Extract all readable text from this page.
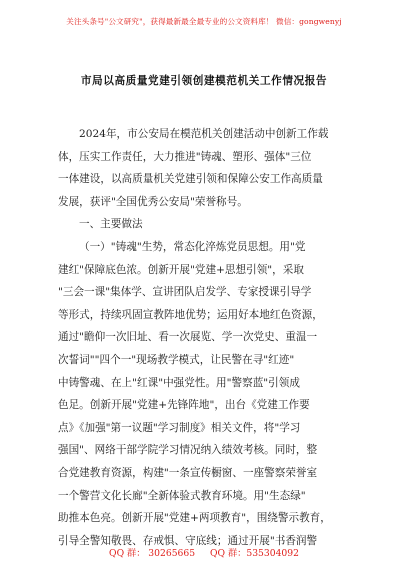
关注头条号"公文研究"，获得最新最全最专业的公文资料库！ 微信：gongwenyj
市局以高质量党建引领创建模范机关工作情况报告
2024年，市公安局在模范机关创建活动中创新工作载
体，压实工作责任，大力推进"铸魂、塑形、强体"三位
一体建设，以高质量机关党建引领和保障公安工作高质量
发展，获评"全国优秀公安局"荣誉称号。
一、主要做法
（一）"铸魂"生势，常态化淬炼党员思想。用"党
建红"保障底色浓。创新开展"党建+思想引领"，采取
"三会一课"集体学、宣讲团队启发学、专家授课引导学
等形式，持续巩固宣教阵地优势；运用好本地红色资源，
通过"瞻仰一次旧址、看一次展览、学一次党史、重温一
次誓词""四个一"现场教学模式，让民警在寻"红迹"
中铸警魂、在上"红课"中强党性。用"警察蓝"引领成
色足。创新开展"党建+先锋阵地"，出台《党建工作要
点》《加强"第一议题"学习制度》相关文件，将"学习
强国"、网络干部学院学习情况纳入绩效考核。同时，整
合党建教育资源，构建"一条宣传橱窗、一座警察荣誉室
一个警营文化长廊"全新体验式教育环境。用"生态绿"
助推本色亮。创新开展"党建+两项教育"，围绕警示教育，
引导全警知敬畏、存戒惧、守底线；通过开展"书香润警
QQ 群： 30265665 QQ 群：535304092
